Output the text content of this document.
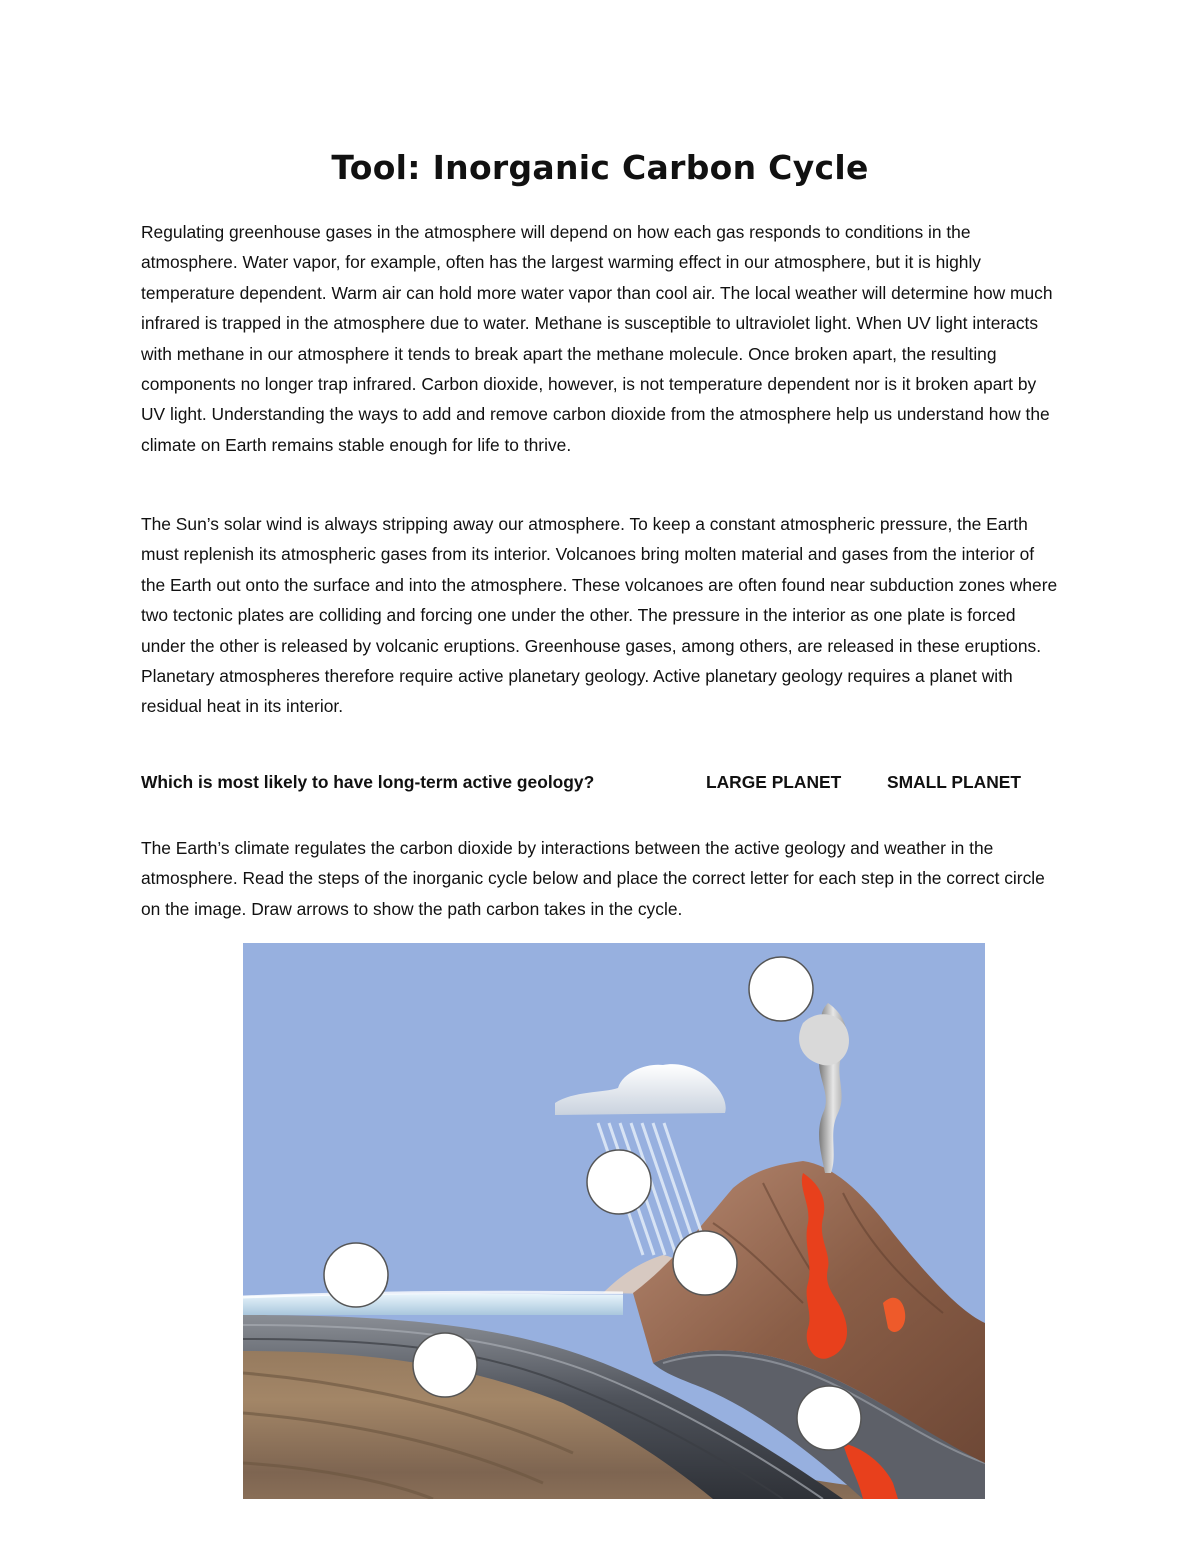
Tool: Inorganic Carbon Cycle

Regulating greenhouse gases in the atmosphere will depend on how each gas responds to conditions in the atmosphere. Water vapor, for example, often has the largest warming effect in our atmosphere, but it is highly temperature dependent. Warm air can hold more water vapor than cool air. The local weather will determine how much infrared is trapped in the atmosphere due to water. Methane is susceptible to ultraviolet light. When UV light interacts with methane in our atmosphere it tends to break apart the methane molecule. Once broken apart, the resulting components no longer trap infrared. Carbon dioxide, however, is not temperature dependent nor is it broken apart by UV light. Understanding the ways to add and remove carbon dioxide from the atmosphere help us understand how the climate on Earth remains stable enough for life to thrive.

The Sun’s solar wind is always stripping away our atmosphere. To keep a constant atmospheric pressure, the Earth must replenish its atmospheric gases from its interior. Volcanoes bring molten material and gases from the interior of the Earth out onto the surface and into the atmosphere. These volcanoes are often found near subduction zones where two tectonic plates are colliding and forcing one under the other. The pressure in the interior as one plate is forced under the other is released by volcanic eruptions. Greenhouse gases, among others, are released in these eruptions. Planetary atmospheres therefore require active planetary geology. Active planetary geology requires a planet with residual heat in its interior.

Which is most likely to have long-term active geology?	LARGE PLANET	SMALL PLANET

The Earth’s climate regulates the carbon dioxide by interactions between the active geology and weather in the atmosphere. Read the steps of the inorganic cycle below and place the correct letter for each step in the correct circle on the image. Draw arrows to show the path carbon takes in the cycle.
